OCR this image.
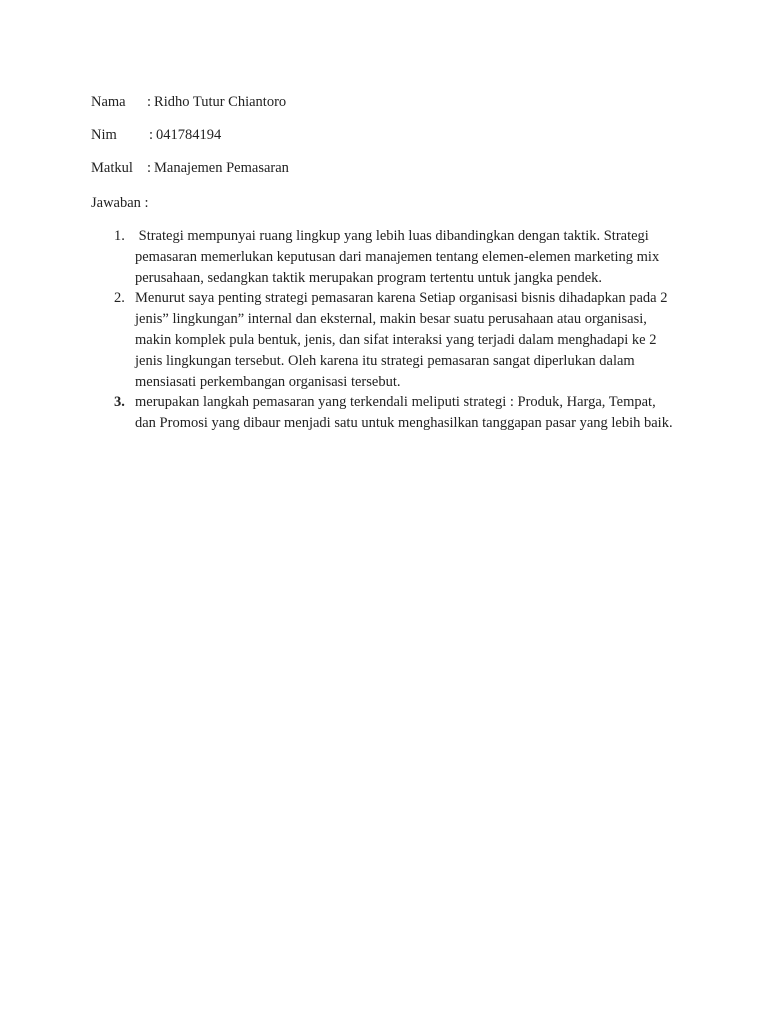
Nama : Ridho Tutur Chiantoro
Nim : 041784194
Matkul : Manajemen Pemasaran
Jawaban :
1. Strategi mempunyai ruang lingkup yang lebih luas dibandingkan dengan taktik. Strategi pemasaran memerlukan keputusan dari manajemen tentang elemen-elemen marketing mix perusahaan, sedangkan taktik merupakan program tertentu untuk jangka pendek.
2. Menurut saya penting strategi pemasaran karena Setiap organisasi bisnis dihadapkan pada 2 jenis” lingkungan” internal dan eksternal, makin besar suatu perusahaan atau organisasi, makin komplek pula bentuk, jenis, dan sifat interaksi yang terjadi dalam menghadapi ke 2 jenis lingkungan tersebut. Oleh karena itu strategi pemasaran sangat diperlukan dalam mensiasati perkembangan organisasi tersebut.
3. merupakan langkah pemasaran yang terkendali meliputi strategi : Produk, Harga, Tempat, dan Promosi yang dibaur menjadi satu untuk menghasilkan tanggapan pasar yang lebih baik.
